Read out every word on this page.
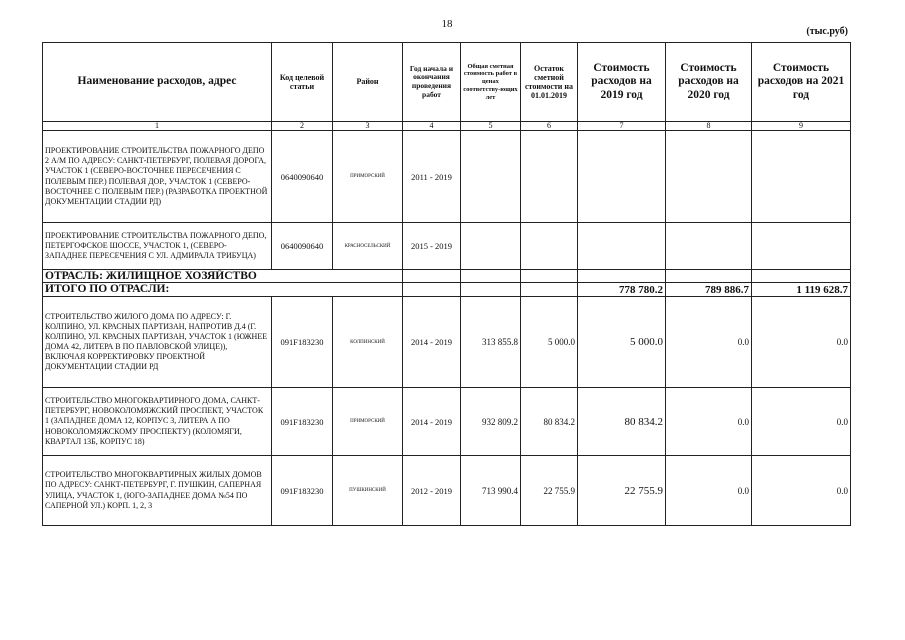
18
(тыс.руб)
Наименование расходов, адрес	Код целевой статьи	Район	Год начала и окончания проведения работ	Общая сметная стоимость работ в ценах соответству-ющих лет	Остаток сметной стоимости на 01.01.2019	Стоимость расходов на 2019 год	Стоимость расходов на 2020 год	Стоимость расходов на 2021 год
1	2	3	4	5	6	7	8	9
ПРОЕКТИРОВАНИЕ СТРОИТЕЛЬСТВА ПОЖАРНОГО ДЕПО 2 А/М ПО АДРЕСУ: САНКТ-ПЕТЕРБУРГ, ПОЛЕВАЯ ДОРОГА, УЧАСТОК 1 (СЕВЕРО-ВОСТОЧНЕЕ ПЕРЕСЕЧЕНИЯ С ПОЛЕВЫМ ПЕР.) ПОЛЕВАЯ ДОР., УЧАСТОК 1 (СЕВЕРО-ВОСТОЧНЕЕ С ПОЛЕВЫМ ПЕР.) (РАЗРАБОТКА ПРОЕКТНОЙ ДОКУМЕНТАЦИИ СТАДИИ РД)	0640090640	ПРИМОРСКИЙ	2011 - 2019					
ПРОЕКТИРОВАНИЕ СТРОИТЕЛЬСТВА ПОЖАРНОГО ДЕПО, ПЕТЕРГОФСКОЕ ШОССЕ, УЧАСТОК 1, (СЕВЕРО-ЗАПАДНЕЕ ПЕРЕСЕЧЕНИЯ С УЛ. АДМИРАЛА ТРИБУЦА)	0640090640	КРАСНОСЕЛЬСКИЙ	2015 - 2019					
ОТРАСЛЬ: ЖИЛИЩНОЕ ХОЗЯЙСТВО								
ИТОГО ПО ОТРАСЛИ:						778 780.2	789 886.7	1 119 628.7
СТРОИТЕЛЬСТВО ЖИЛОГО ДОМА ПО АДРЕСУ: Г. КОЛПИНО, УЛ. КРАСНЫХ ПАРТИЗАН, НАПРОТИВ Д.4 (Г. КОЛПИНО, УЛ. КРАСНЫХ ПАРТИЗАН, УЧАСТОК 1 (ЮЖНЕЕ ДОМА 42, ЛИТЕРА В ПО ПАВЛОВСКОЙ УЛИЦЕ)), ВКЛЮЧАЯ КОРРЕКТИРОВКУ ПРОЕКТНОЙ ДОКУМЕНТАЦИИ СТАДИИ РД	091F183230	КОЛПИНСКИЙ	2014 - 2019	313 855.8	5 000.0	5 000.0	0.0	0.0
СТРОИТЕЛЬСТВО МНОГОКВАРТИРНОГО ДОМА, САНКТ-ПЕТЕРБУРГ, НОВОКОЛОМЯЖСКИЙ ПРОСПЕКТ, УЧАСТОК 1 (ЗАПАДНЕЕ ДОМА 12, КОРПУС 3, ЛИТЕРА А ПО НОВОКОЛОМЯЖСКОМУ ПРОСПЕКТУ) (КОЛОМЯГИ, КВАРТАЛ 13Б, КОРПУС 18)	091F183230	ПРИМОРСКИЙ	2014 - 2019	932 809.2	80 834.2	80 834.2	0.0	0.0
СТРОИТЕЛЬСТВО МНОГОКВАРТИРНЫХ ЖИЛЫХ ДОМОВ ПО АДРЕСУ: САНКТ-ПЕТЕРБУРГ, Г. ПУШКИН, САПЕРНАЯ УЛИЦА, УЧАСТОК 1, (ЮГО-ЗАПАДНЕЕ ДОМА №54 ПО САПЕРНОЙ УЛ.) КОРП. 1, 2, 3	091F183230	ПУШКИНСКИЙ	2012 - 2019	713 990.4	22 755.9	22 755.9	0.0	0.0
